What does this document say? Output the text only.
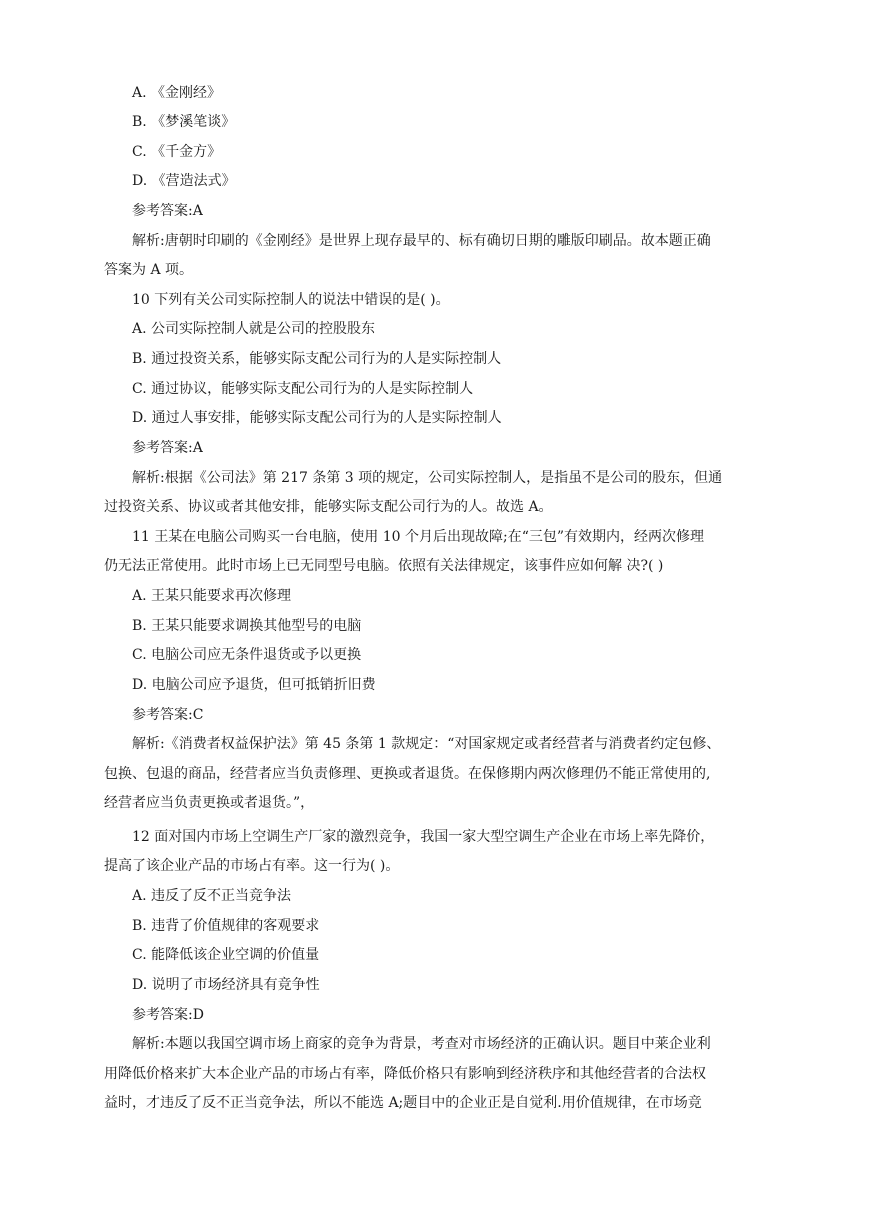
A. 《金刚经》
B. 《梦溪笔谈》
C. 《千金方》
D. 《营造法式》
参考答案:A
解析:唐朝时印刷的《金刚经》是世界上现存最早的、标有确切日期的雕版印刷品。故本题正确
答案为 A 项。
10 下列有关公司实际控制人的说法中错误的是( )。
A. 公司实际控制人就是公司的控股股东
B. 通过投资关系，能够实际支配公司行为的人是实际控制人
C. 通过协议，能够实际支配公司行为的人是实际控制人
D. 通过人事安排，能够实际支配公司行为的人是实际控制人
参考答案:A
解析:根据《公司法》第 217 条第 3 项的规定，公司实际控制人，是指虽不是公司的股东，但通
过投资关系、协议或者其他安排，能够实际支配公司行为的人。故选 A。
11 王某在电脑公司购买一台电脑，使用 10 个月后出现故障;在“三包”有效期内，经两次修理
仍无法正常使用。此时市场上已无同型号电脑。依照有关法律规定，该事件应如何解 决?( )
A. 王某只能要求再次修理
B. 王某只能要求调换其他型号的电脑
C. 电脑公司应无条件退货或予以更换
D. 电脑公司应予退货，但可抵销折旧费
参考答案:C
解析:《消费者权益保护法》第 45 条第 1 款规定：“对国家规定或者经营者与消费者约定包修、
包换、包退的商品，经营者应当负责修理、更换或者退货。在保修期内两次修理仍不能正常使用的,
经营者应当负责更换或者退货。”，
12 面对国内市场上空调生产厂家的激烈竞争，我国一家大型空调生产企业在市场上率先降价，
提高了该企业产品的市场占有率。这一行为( )。
A. 违反了反不正当竞争法
B. 违背了价值规律的客观要求
C. 能降低该企业空调的价值量
D. 说明了市场经济具有竞争性
参考答案:D
解析:本题以我国空调市场上商家的竞争为背景，考查对市场经济的正确认识。题目中莱企业利
用降低价格来扩大本企业产品的市场占有率，降低价格只有影响到经济秩序和其他经营者的合法权
益时，才违反了反不正当竞争法，所以不能选 A;题目中的企业正是自觉利.用价值规律，在市场竞
